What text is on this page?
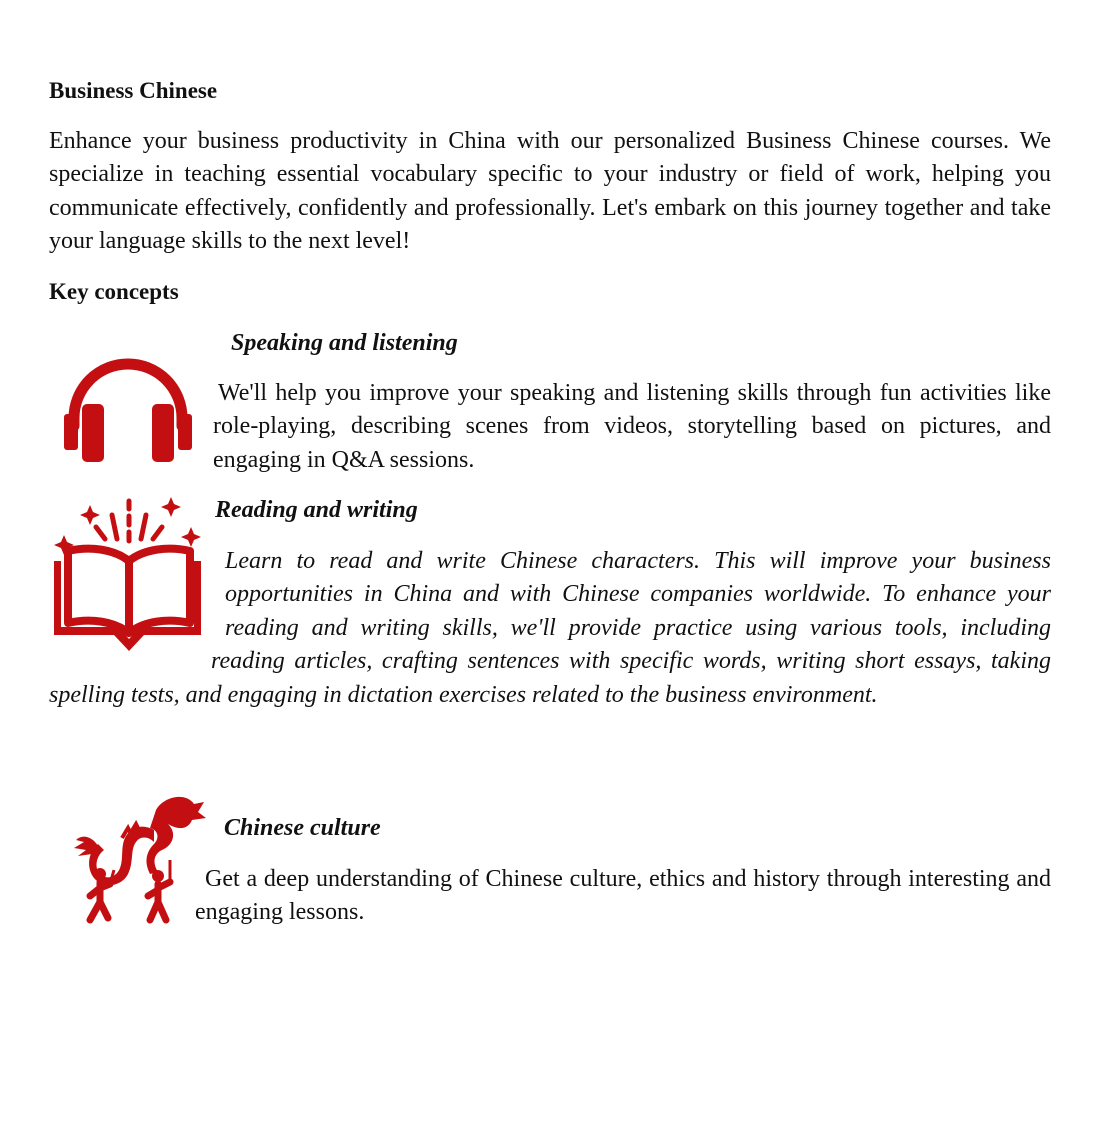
Business Chinese
Enhance your business productivity in China with our personalized Business Chinese courses. We specialize in teaching essential vocabulary specific to your industry or field of work, helping you communicate effectively, confidently and professionally. Let's embark on this journey together and take your language skills to the next level!
Key concepts
Speaking and listening
We'll help you improve your speaking and listening skills through fun activities like role-playing, describing scenes from videos, storytelling based on pictures, and engaging in Q&A sessions.
Reading and writing
Learn to read and write Chinese characters. This will improve your business opportunities in China and with Chinese companies worldwide. To enhance your reading and writing skills, we'll provide practice using various tools, including reading articles, crafting sentences with specific words, writing short essays, taking spelling tests, and engaging in dictation exercises related to the business environment.
Chinese culture
Get a deep understanding of Chinese culture, ethics and history through interesting and engaging lessons.
